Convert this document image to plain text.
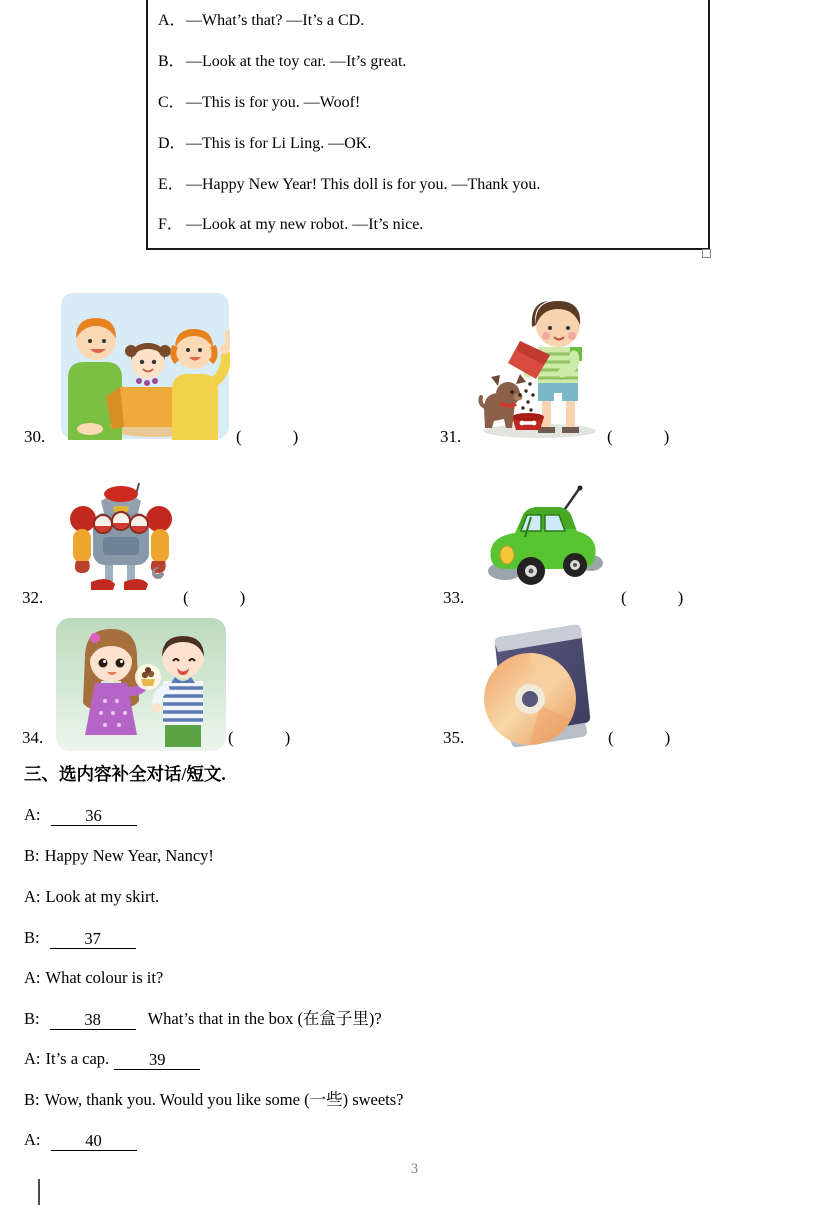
A．—What’s that? —It’s a CD.
B．—Look at the toy car. —It’s great.
C．—This is for you. —Woof!
D．—This is for Li Ling. —OK.
E． —Happy New Year! This doll is for you. —Thank you.
F． —Look at my new robot. —It’s nice.
30.	(　　　)	31.	(　　　)
32.	(　　　)	33.	(　　　)
34.	(　　　)	35.	(　　　)
三、选内容补全对话/短文.
A:	36
B: Happy New Year, Nancy!
A: Look at my skirt.
B:	37
A: What colour is it?
B:	38	What’s that in the box (在盒子里)?
A: It’s a cap. 39
B: Wow, thank you. Would you like some (一些) sweets?
A:	40
3
